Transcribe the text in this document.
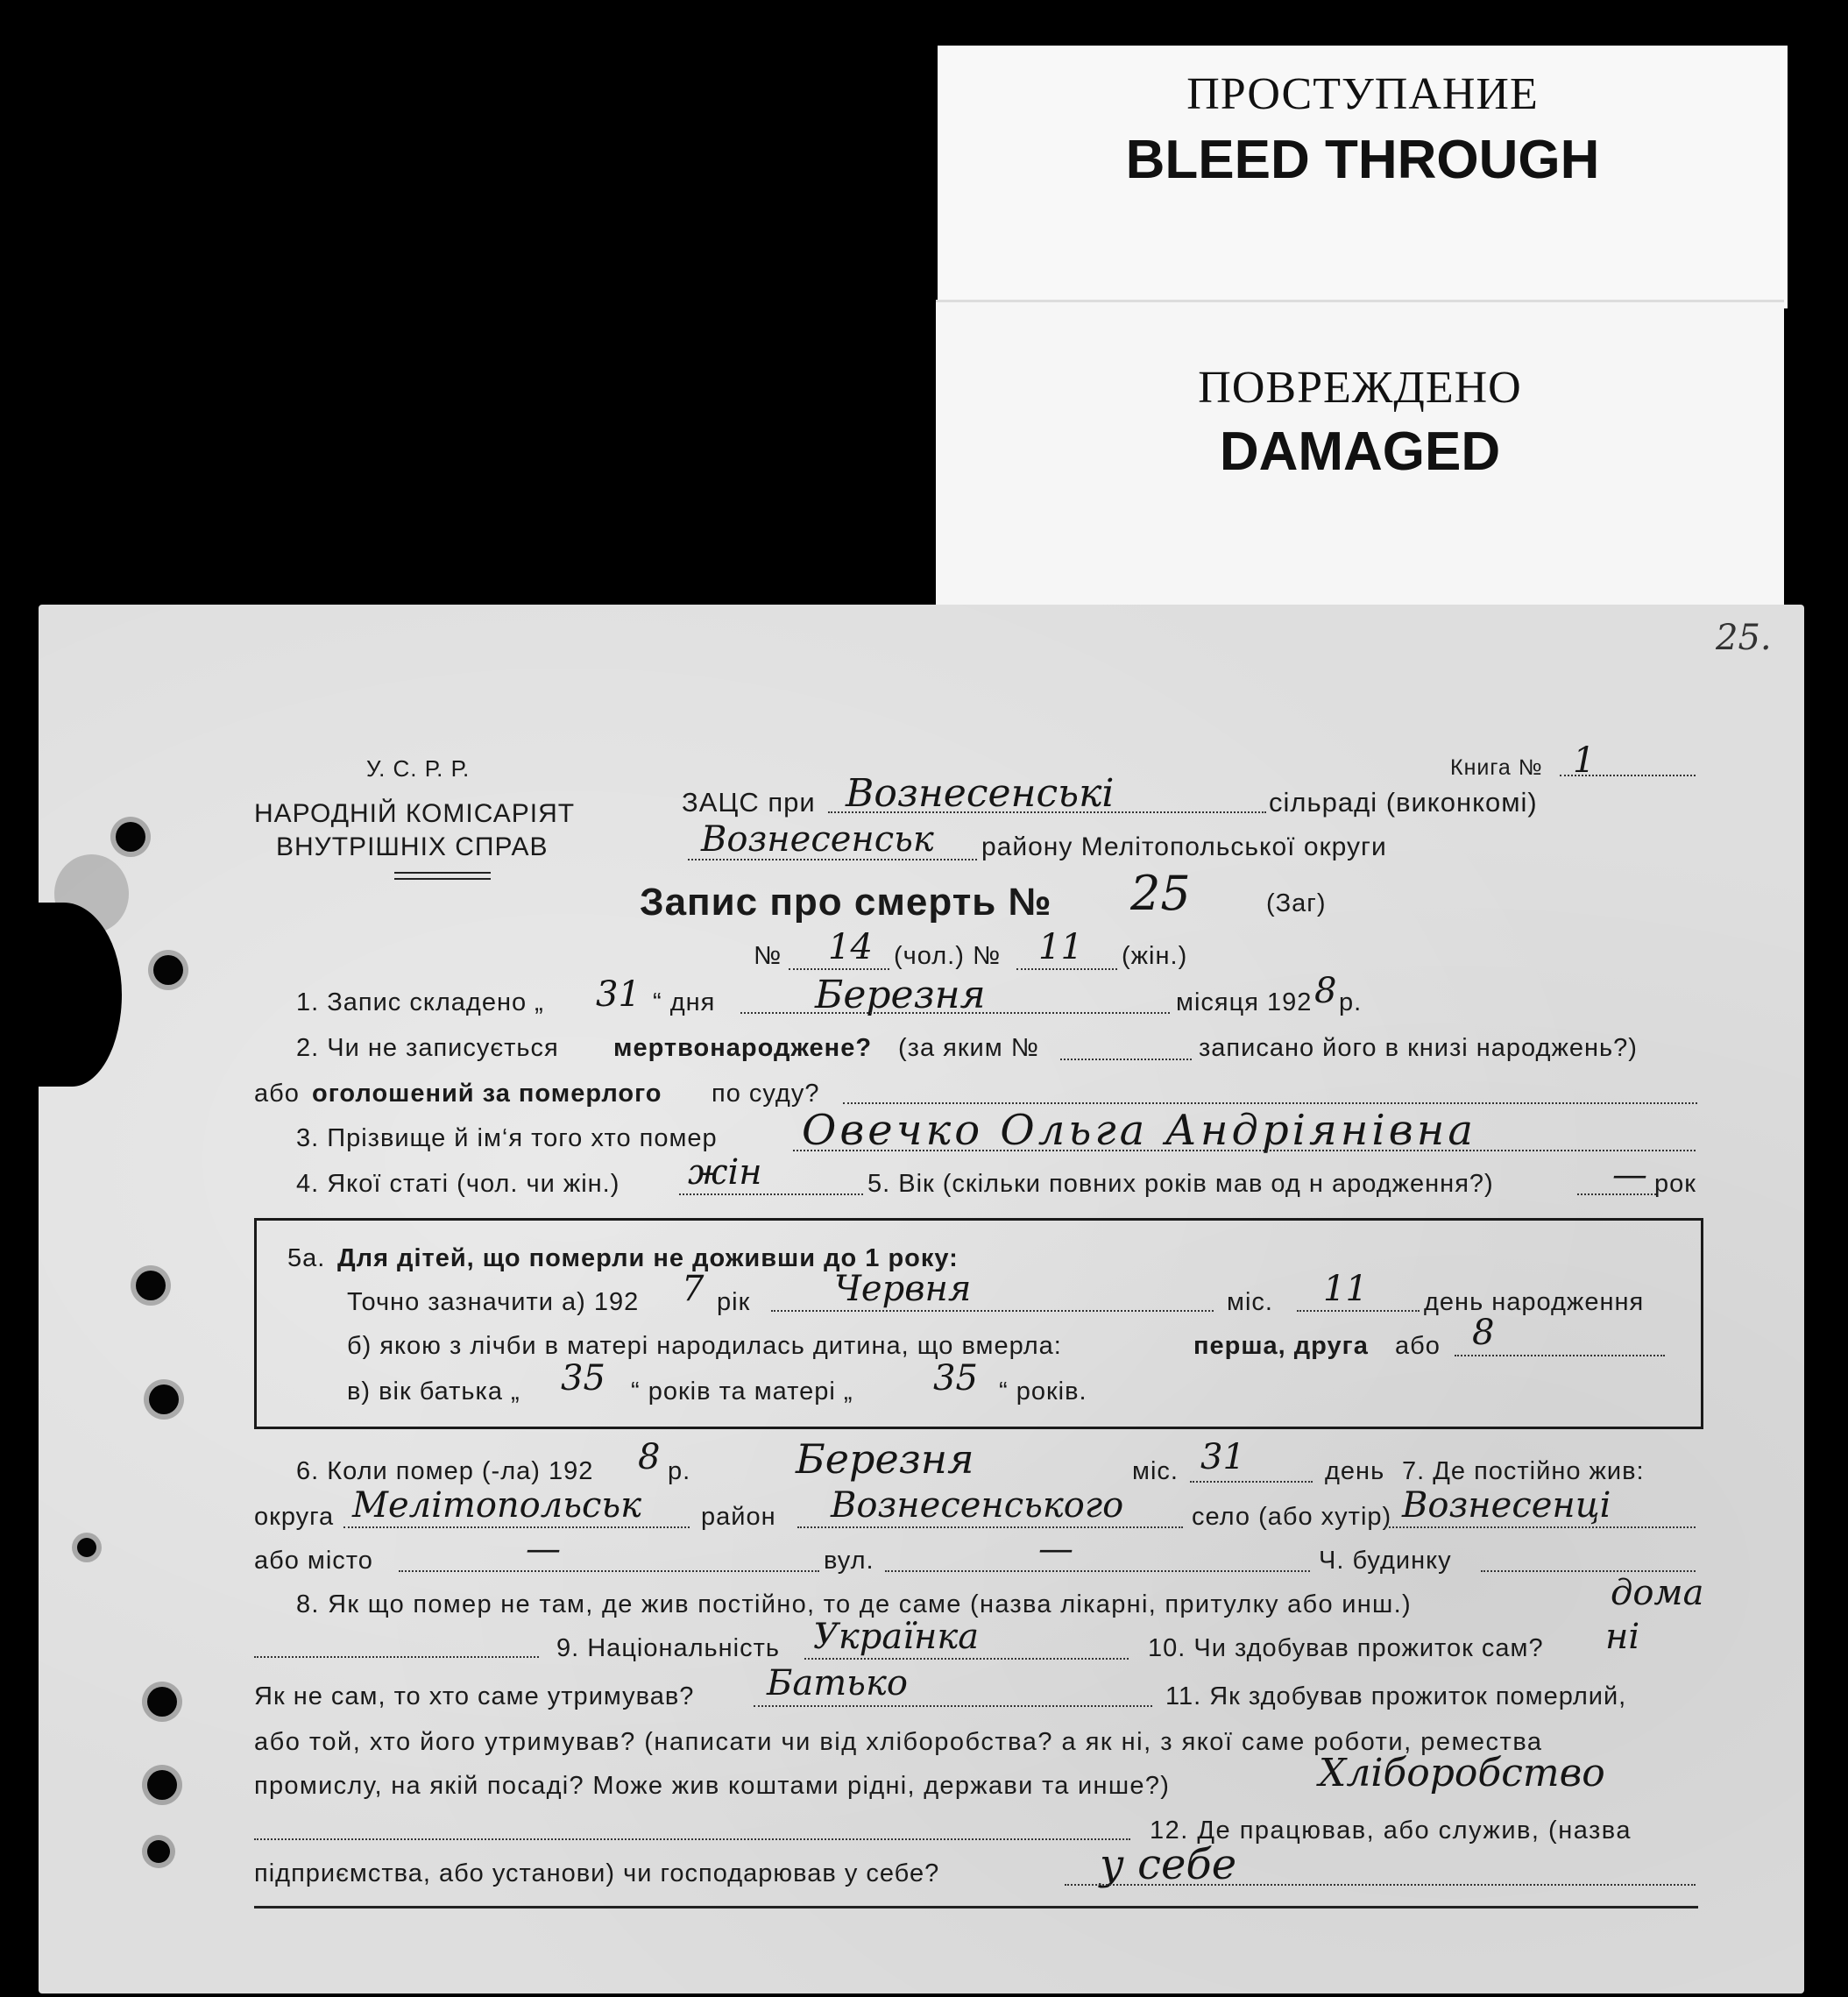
ПРОСТУПАНИЕ
BLEED THROUGH
ПОВРЕЖДЕНО
DAMAGED
25.
У. С. Р. Р.
НАРОДНІЙ КОМІСАРІЯТ
ВНУТРІШНІХ СПРАВ
Книга № 1
ЗАЦС при Вознесенські	сільраді (виконкомі)
Вознесенськ району Мелітопольської округи
Запис про смерть № 25	(Заг)
№ 14 (чол.) № 11 (жін.)
1. Запис складено „ 31 “ дня	Березня	місяця 192 8 р.
2. Чи не записується мертвонароджене? (за яким №	записано його в книзі народжень?)
або оголошений за померлого по суду?
3. Прізвище й ім‘я того хто помер Овечко Ольга Андріянівна
4. Якої статі (чол. чи жін.) жін	5. Вік (скільки повних років мав од н ародження?)	— рок
5а. Для дітей, що померли не доживши до 1 року:
Точно зазначити а) 192 7 рік Червня	міс. 11 день народження
б) якою з лічби в матері народилась дитина, що вмерла:	перша, друга або 8
в) вік батька „ 35 “ років та матері „ 35 “ років.
6. Коли помер (-ла) 192 8 р.	Березня	міс. 31	день 7. Де постійно жив:
округа Мелітопольськ район Вознесенського	село (або хутір) Вознесенці
або місто	—	вул.	—	Ч. будинку
8. Як що помер не там, де жив постійно, то де саме (назва лікарні, притулку або инш.)	дома
9. Національність Українка	10. Чи здобував прожиток сам? ні
Як не сам, то хто саме утримував? Батько	11. Як здобував прожиток померлий,
або той, хто його утримував? (написати чи від хліборобства? а як ні, з якої саме роботи, ремества
промислу, на якій посаді? Може жив коштами рідні, держави та инше?)	Хліборобство
12. Де працював, або служив, (назва
підприємства, або установи) чи господарював у себе?	у себе
